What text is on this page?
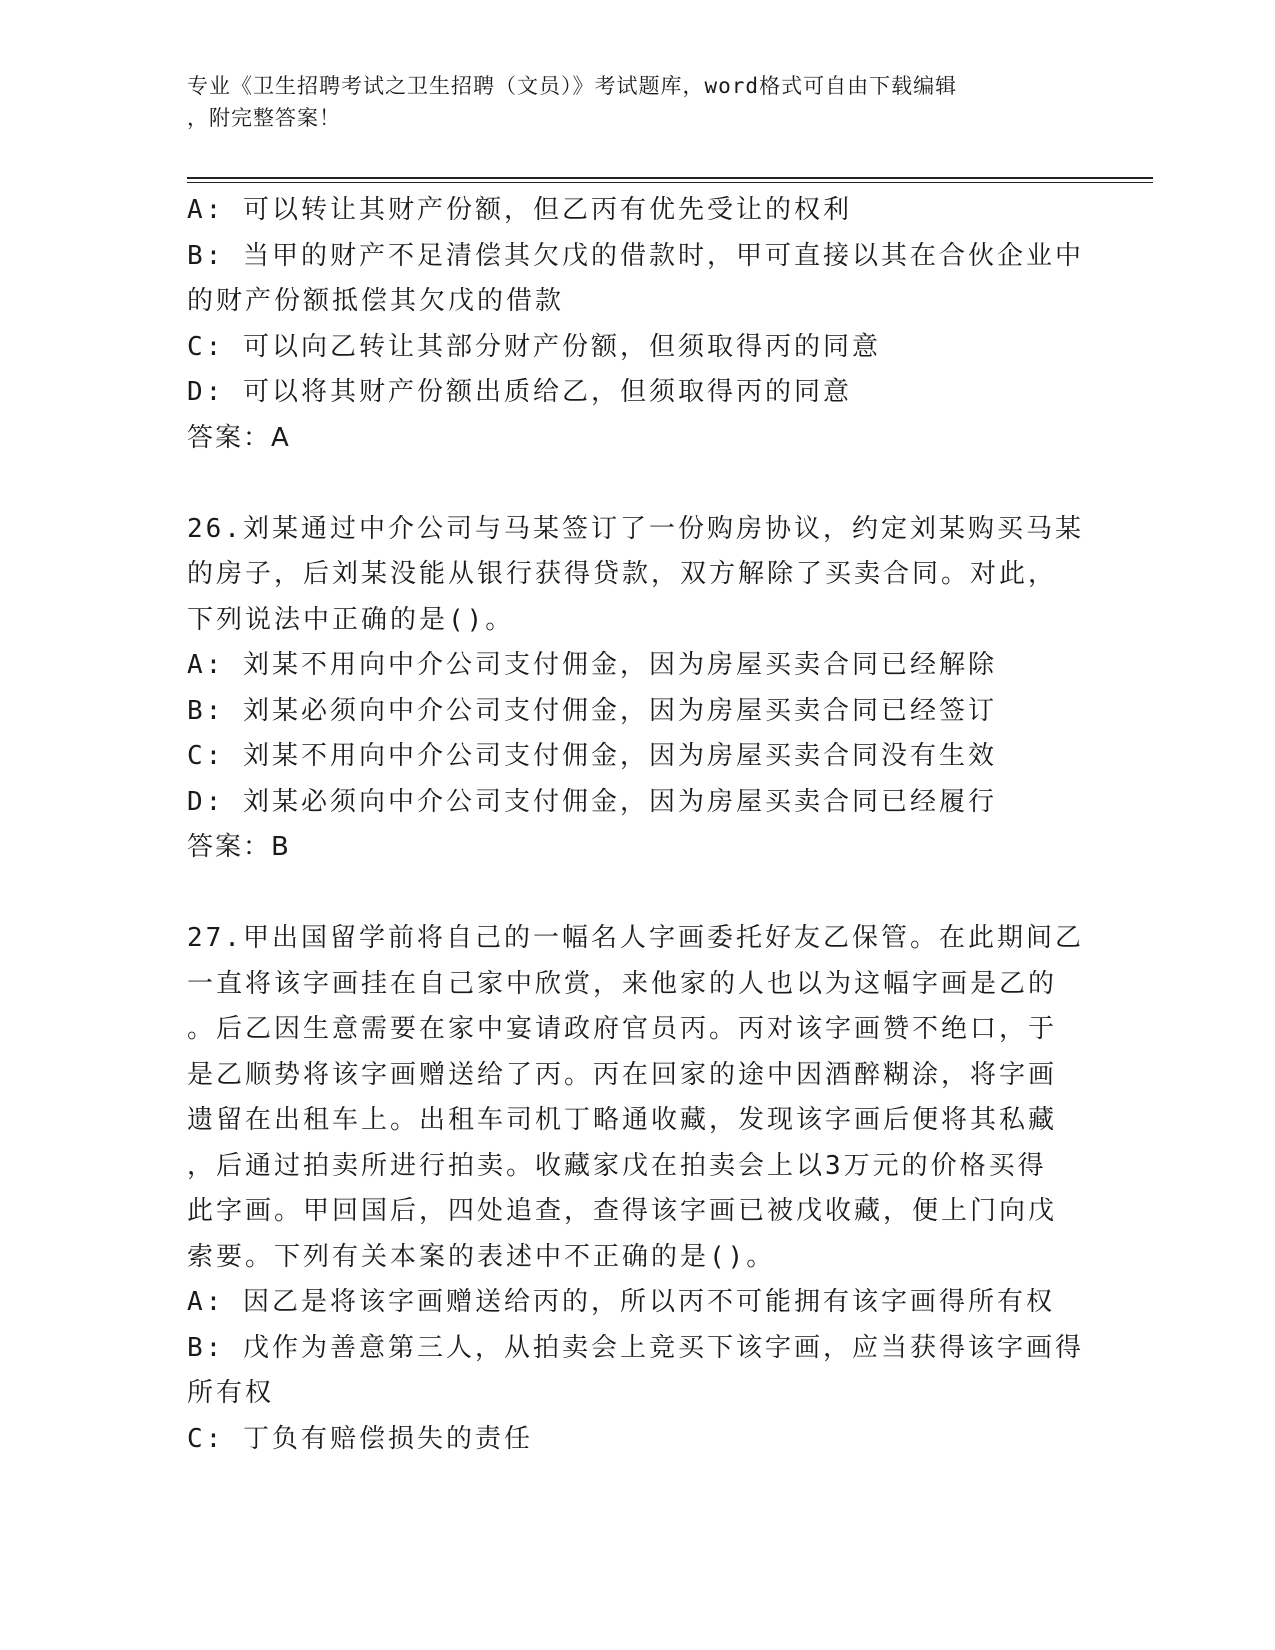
专业《卫生招聘考试之卫生招聘（文员）》考试题库，word格式可自由下载编辑
，附完整答案！
A: 可以转让其财产份额，但乙丙有优先受让的权利
B: 当甲的财产不足清偿其欠戊的借款时，甲可直接以其在合伙企业中
的财产份额抵偿其欠戊的借款
C: 可以向乙转让其部分财产份额，但须取得丙的同意
D: 可以将其财产份额出质给乙，但须取得丙的同意
答案：A
26.刘某通过中介公司与马某签订了一份购房协议，约定刘某购买马某
的房子，后刘某没能从银行获得贷款，双方解除了买卖合同。对此，
下列说法中正确的是()。
A: 刘某不用向中介公司支付佣金，因为房屋买卖合同已经解除
B: 刘某必须向中介公司支付佣金，因为房屋买卖合同已经签订
C: 刘某不用向中介公司支付佣金，因为房屋买卖合同没有生效
D: 刘某必须向中介公司支付佣金，因为房屋买卖合同已经履行
答案：B
27.甲出国留学前将自己的一幅名人字画委托好友乙保管。在此期间乙
一直将该字画挂在自己家中欣赏，来他家的人也以为这幅字画是乙的
。后乙因生意需要在家中宴请政府官员丙。丙对该字画赞不绝口，于
是乙顺势将该字画赠送给了丙。丙在回家的途中因酒醉糊涂，将字画
遗留在出租车上。出租车司机丁略通收藏，发现该字画后便将其私藏
，后通过拍卖所进行拍卖。收藏家戊在拍卖会上以3万元的价格买得
此字画。甲回国后，四处追查，查得该字画已被戊收藏，便上门向戊
索要。下列有关本案的表述中不正确的是()。
A: 因乙是将该字画赠送给丙的，所以丙不可能拥有该字画得所有权
B: 戊作为善意第三人，从拍卖会上竞买下该字画，应当获得该字画得
所有权
C: 丁负有赔偿损失的责任
